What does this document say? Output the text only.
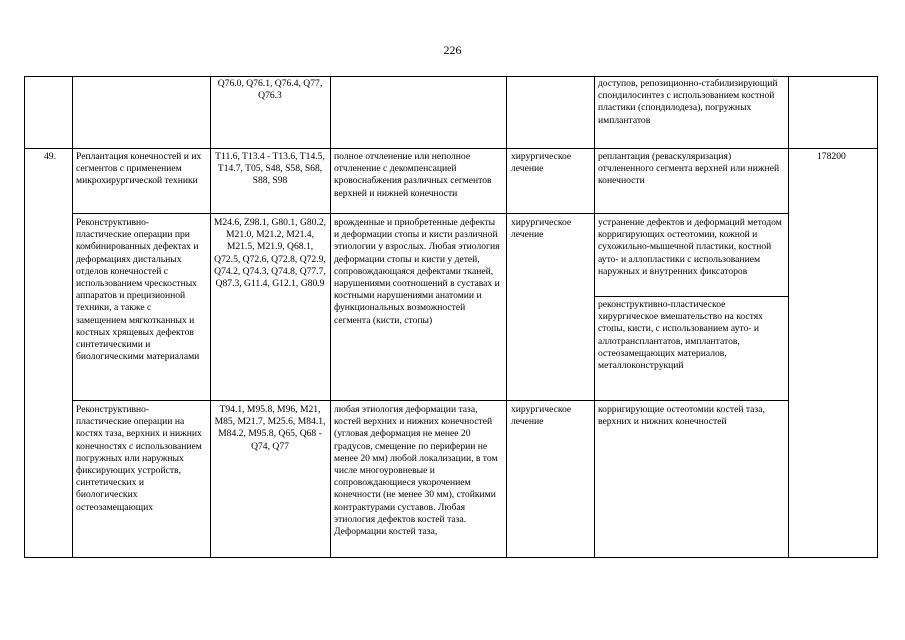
226
Q76.0, Q76.1, Q76.4, Q77, Q76.3
доступов, репозиционно-стабилизирующий спондилосинтез с использованием костной пластики (спондилодеза), погружных имплантатов
49.	Реплантация конечностей и их сегментов с применением микрохирургической техники
T11.6, T13.4 - T13.6, T14.5, T14.7, T05, S48, S58, S68, S88, S98
полное отчленение или неполное отчленение с декомпенсацией кровоснабжения различных сегментов верхней и нижней конечности
хирургическое лечение
реплантация (реваскуляризация) отчлененного сегмента верхней или нижней конечности
178200
Реконструктивно-пластические операции при комбинированных дефектах и деформациях дистальных отделов конечностей с использованием чрескостных аппаратов и прецизионной техники, а также с замещением мягкотканных и костных хрящевых дефектов синтетическими и биологическими материалами
M24.6, Z98.1, G80.1, G80.2, M21.0, M21.2, M21.4, M21.5, M21.9, Q68.1, Q72.5, Q72.6, Q72.8, Q72.9, Q74.2, Q74.3, Q74.8, Q77.7, Q87.3, G11.4, G12.1, G80.9
врожденные и приобретенные дефекты и деформации стопы и кисти различной этиологии у взрослых. Любая этиология деформации стопы и кисти у детей, сопровождающаяся дефектами тканей, нарушениями соотношений в суставах и костными нарушениями анатомии и функциональных возможностей сегмента (кисти, стопы)
хирургическое лечение
устранение дефектов и деформаций методом корригирующих остеотомии, кожной и сухожильно-мышечной пластики, костной ауто- и аллопластики с использованием наружных и внутренних фиксаторов
реконструктивно-пластическое хирургическое вмешательство на костях стопы, кисти, с использованием ауто- и аллотрансплантатов, имплантатов, остеозамещающих материалов, металлоконструкций
Реконструктивно-пластические операции на костях таза, верхних и нижних конечностях с использованием погружных или наружных фиксирующих устройств, синтетических и биологических остеозамещающих
T94.1, M95.8, M96, M21, M85, M21.7, M25.6, M84.1, M84.2, M95.8, Q65, Q68 - Q74, Q77
любая этиология деформации таза, костей верхних и нижних конечностей (угловая деформация не менее 20 градусов, смещение по периферии не менее 20 мм) любой локализации, в том числе многоуровневые и сопровождающиеся укорочением конечности (не менее 30 мм), стойкими контрактурами суставов. Любая этиология дефектов костей таза. Деформации костей таза,
хирургическое лечение
корригирующие остеотомии костей таза, верхних и нижних конечностей
